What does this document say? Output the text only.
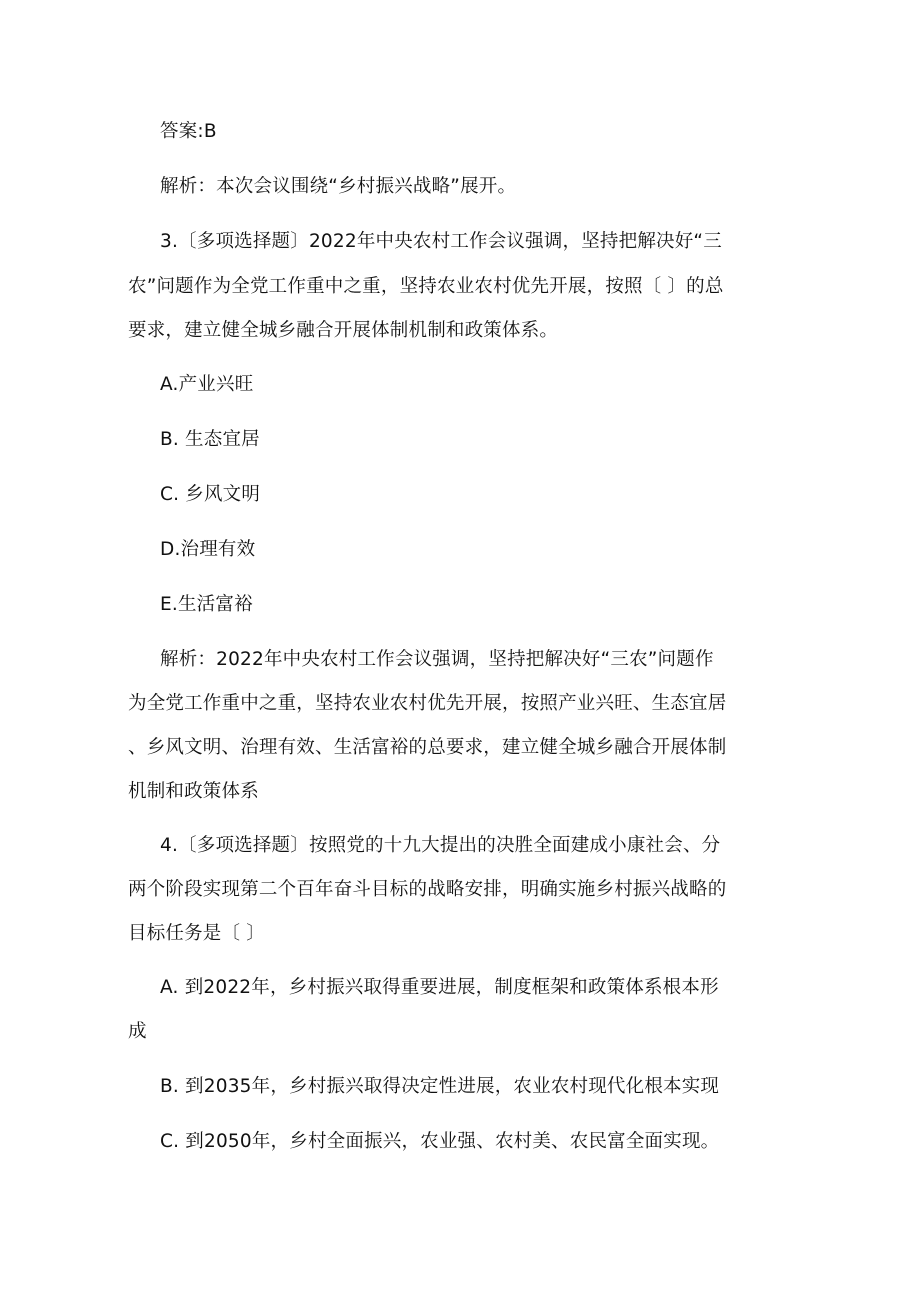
答案:B
解析：本次会议围绕“乡村振兴战略”展开。
3.〔多项选择题〕2022年中央农村工作会议强调，坚持把解决好“三
农”问题作为全党工作重中之重，坚持农业农村优先开展，按照〔 〕的总
要求，建立健全城乡融合开展体制机制和政策体系。
A.产业兴旺
B. 生态宜居
C. 乡风文明
D.治理有效
E.生活富裕
解析：2022年中央农村工作会议强调，坚持把解决好“三农”问题作
为全党工作重中之重，坚持农业农村优先开展，按照产业兴旺、生态宜居
、乡风文明、治理有效、生活富裕的总要求，建立健全城乡融合开展体制
机制和政策体系
4.〔多项选择题〕按照党的十九大提出的决胜全面建成小康社会、分
两个阶段实现第二个百年奋斗目标的战略安排，明确实施乡村振兴战略的
目标任务是〔 〕
A. 到2022年，乡村振兴取得重要进展，制度框架和政策体系根本形
成
B. 到2035年，乡村振兴取得决定性进展，农业农村现代化根本实现
C. 到2050年，乡村全面振兴，农业强、农村美、农民富全面实现。
